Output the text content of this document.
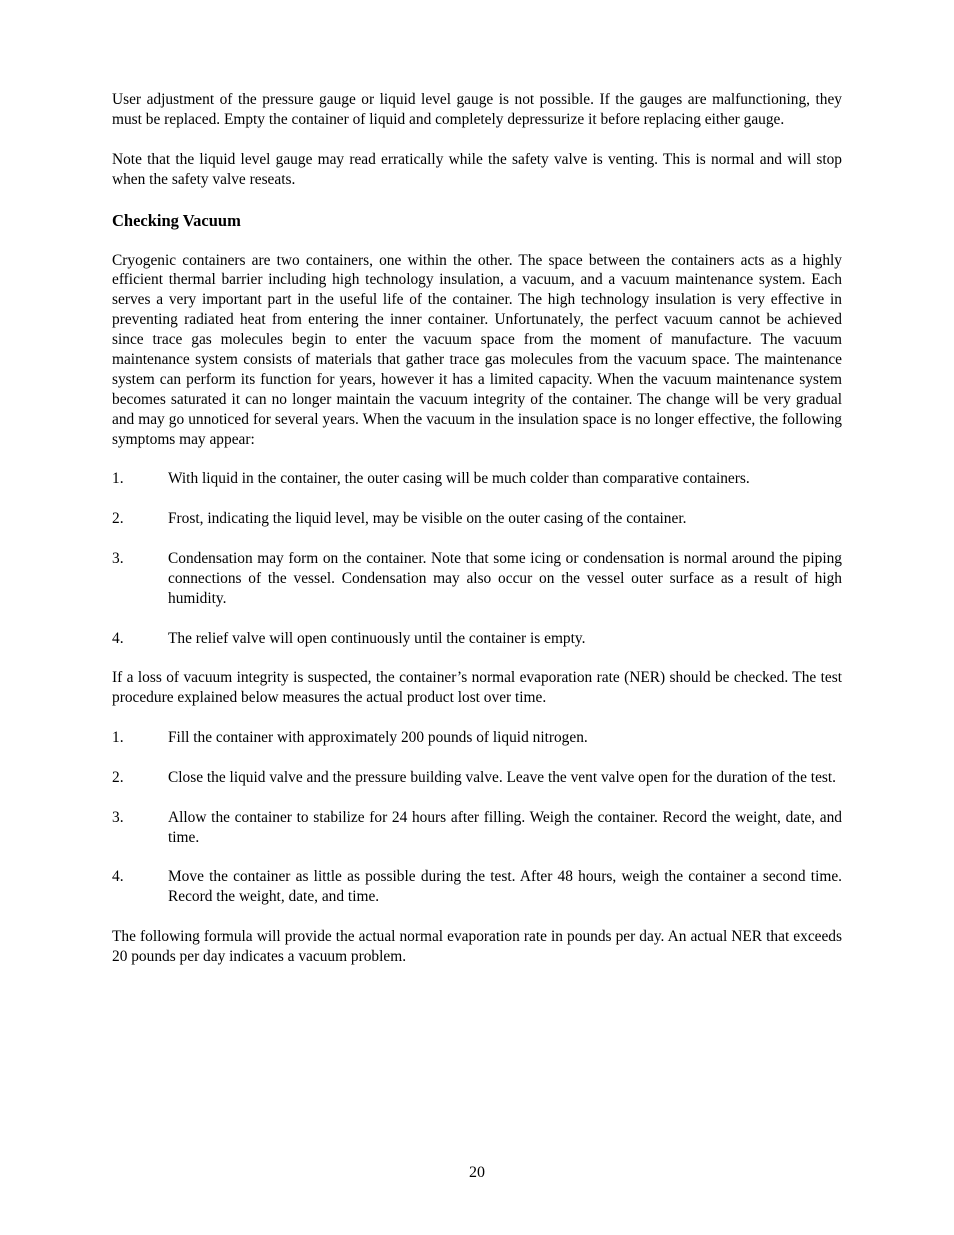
User adjustment of the pressure gauge or liquid level gauge is not possible. If the gauges are malfunctioning, they must be replaced. Empty the container of liquid and completely depressurize it before replacing either gauge.

Note that the liquid level gauge may read erratically while the safety valve is venting. This is normal and will stop when the safety valve reseats.

Checking Vacuum

Cryogenic containers are two containers, one within the other. The space between the containers acts as a highly efficient thermal barrier including high technology insulation, a vacuum, and a vacuum maintenance system. Each serves a very important part in the useful life of the container. The high technology insulation is very effective in preventing radiated heat from entering the inner container. Unfortunately, the perfect vacuum cannot be achieved since trace gas molecules begin to enter the vacuum space from the moment of manufacture. The vacuum maintenance system consists of materials that gather trace gas molecules from the vacuum space. The maintenance system can perform its function for years, however it has a limited capacity. When the vacuum maintenance system becomes saturated it can no longer maintain the vacuum integrity of the container. The change will be very gradual and may go unnoticed for several years. When the vacuum in the insulation space is no longer effective, the following symptoms may appear:

1.	With liquid in the container, the outer casing will be much colder than comparative containers.
2.	Frost, indicating the liquid level, may be visible on the outer casing of the container.
3.	Condensation may form on the container. Note that some icing or condensation is normal around the piping connections of the vessel. Condensation may also occur on the vessel outer surface as a result of high humidity.
4.	The relief valve will open continuously until the container is empty.

If a loss of vacuum integrity is suspected, the container’s normal evaporation rate (NER) should be checked. The test procedure explained below measures the actual product lost over time.

1.	Fill the container with approximately 200 pounds of liquid nitrogen.
2.	Close the liquid valve and the pressure building valve. Leave the vent valve open for the duration of the test.
3.	Allow the container to stabilize for 24 hours after filling. Weigh the container. Record the weight, date, and time.
4.	Move the container as little as possible during the test. After 48 hours, weigh the container a second time. Record the weight, date, and time.

The following formula will provide the actual normal evaporation rate in pounds per day. An actual NER that exceeds 20 pounds per day indicates a vacuum problem.

20
